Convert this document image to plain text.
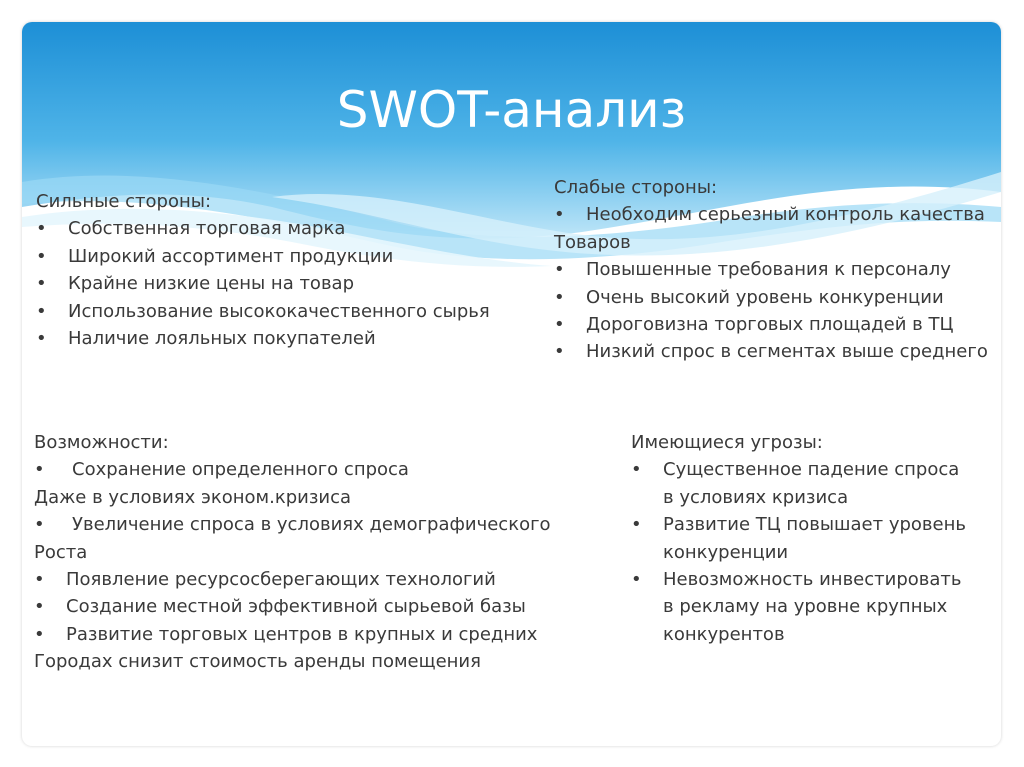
SWOT-анализ
Сильные стороны:
• Собственная торговая марка
• Широкий ассортимент продукции
• Крайне низкие цены на товар
• Использование высококачественного сырья
• Наличие лояльных покупателей
Слабые стороны:
• Необходим серьезный контроль качества
Товаров
• Повышенные требования к персоналу
• Очень высокий уровень конкуренции
• Дороговизна торговых площадей в ТЦ
• Низкий спрос в сегментах выше среднего
Возможности:
• Сохранение определенного спроса
Даже в условиях эконом.кризиса
• Увеличение спроса в условиях демографического
Роста
• Появление ресурсосберегающих технологий
• Создание местной эффективной сырьевой базы
• Развитие торговых центров в крупных и средних
Городах снизит стоимость аренды помещения
Имеющиеся угрозы:
• Существенное падение спроса
в условиях кризиса
• Развитие ТЦ повышает уровень
конкуренции
• Невозможность инвестировать
в рекламу на уровне крупных
конкурентов
